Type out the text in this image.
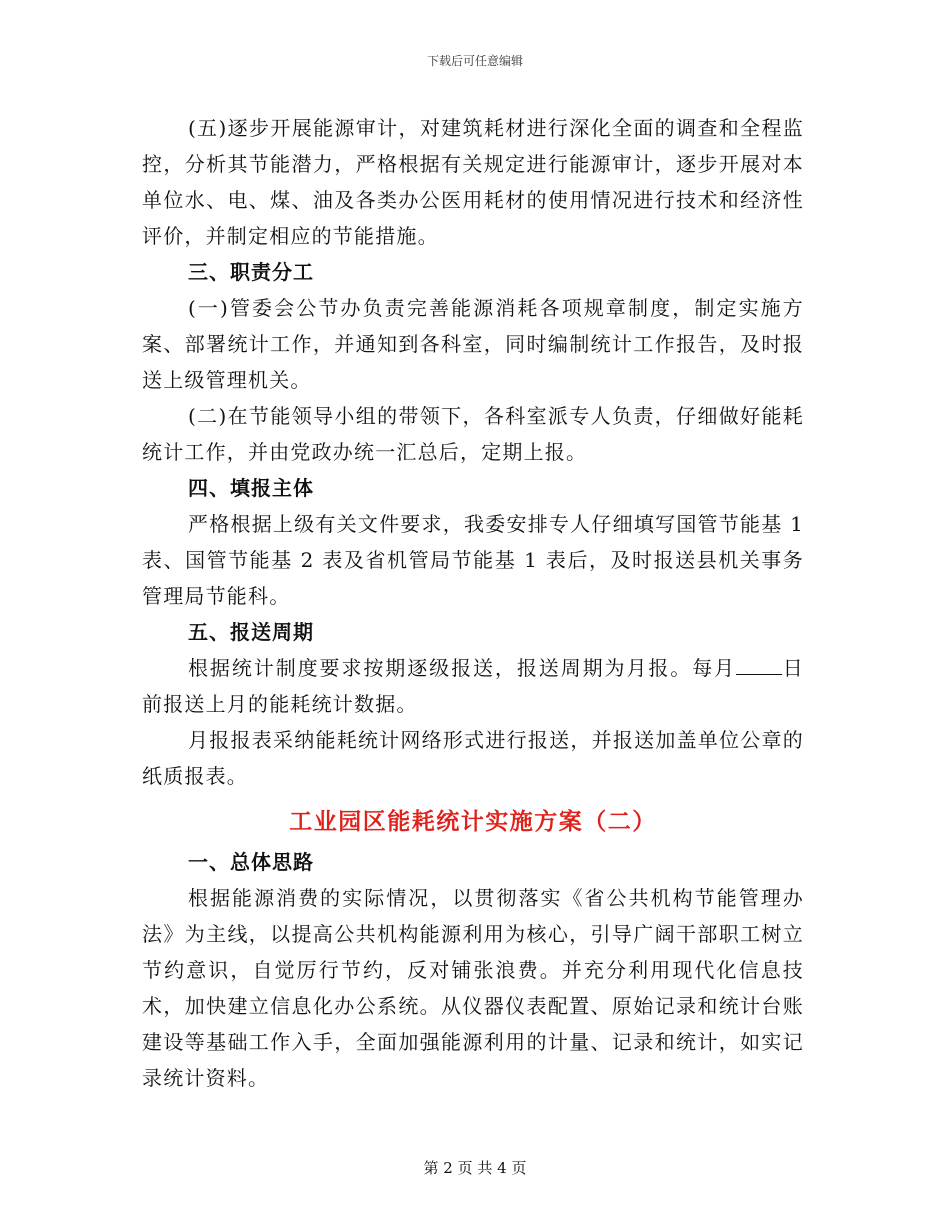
下载后可任意编辑

(五)逐步开展能源审计，对建筑耗材进行深化全面的调查和全程监控，分析其节能潜力，严格根据有关规定进行能源审计，逐步开展对本单位水、电、煤、油及各类办公医用耗材的使用情况进行技术和经济性评价，并制定相应的节能措施。

三、职责分工

(一)管委会公节办负责完善能源消耗各项规章制度，制定实施方案、部署统计工作，并通知到各科室，同时编制统计工作报告，及时报送上级管理机关。

(二)在节能领导小组的带领下，各科室派专人负责，仔细做好能耗统计工作，并由党政办统一汇总后，定期上报。

四、填报主体

严格根据上级有关文件要求，我委安排专人仔细填写国管节能基 1 表、国管节能基 2 表及省机管局节能基 1 表后，及时报送县机关事务管理局节能科。

五、报送周期

根据统计制度要求按期逐级报送，报送周期为月报。每月 日前报送上月的能耗统计数据。

月报报表采纳能耗统计网络形式进行报送，并报送加盖单位公章的纸质报表。

工业园区能耗统计实施方案（二）

一、总体思路

根据能源消费的实际情况，以贯彻落实《省公共机构节能管理办法》为主线，以提高公共机构能源利用为核心，引导广阔干部职工树立节约意识，自觉厉行节约，反对铺张浪费。并充分利用现代化信息技术，加快建立信息化办公系统。从仪器仪表配置、原始记录和统计台账建设等基础工作入手，全面加强能源利用的计量、记录和统计，如实记录统计资料。

第 2 页 共 4 页
